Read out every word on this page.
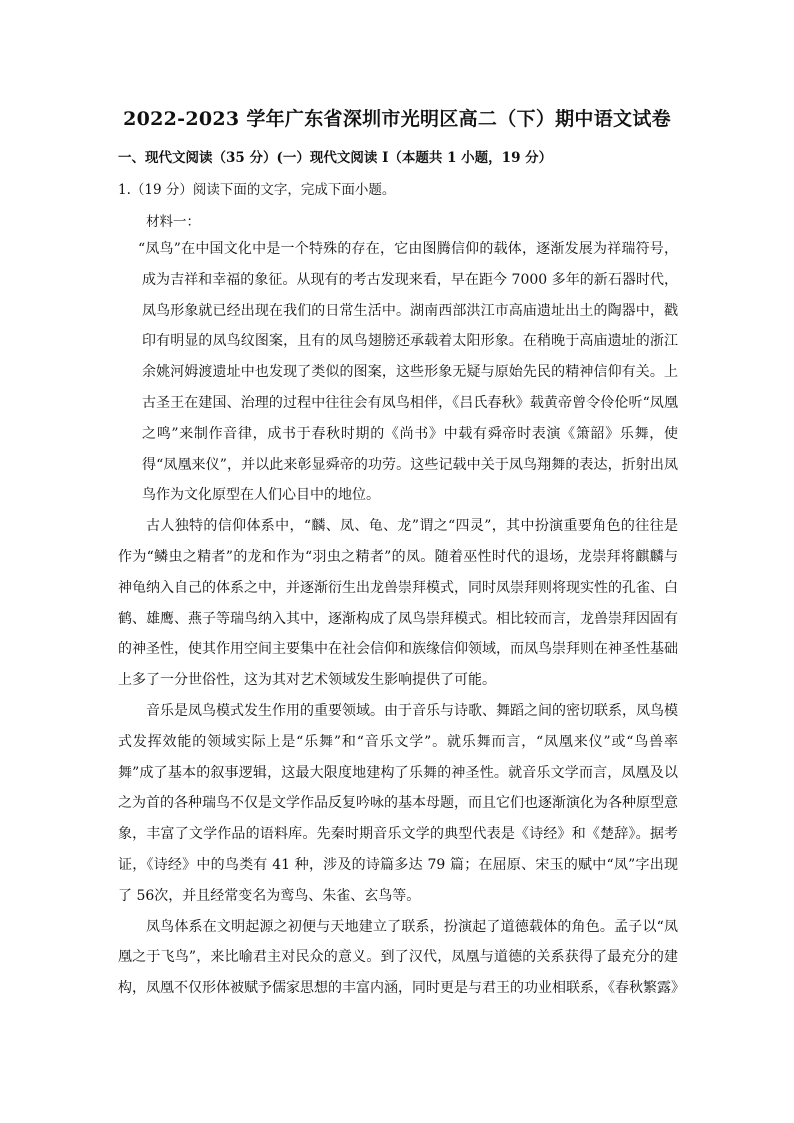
2022-2023 学年广东省深圳市光明区高二（下）期中语文试卷
一、现代文阅读（35 分）(一）现代文阅读 Ⅰ（本题共 1 小题，19 分）
1.（19 分）阅读下面的文字，完成下面小题。
材料一：

“凤鸟”在中国文化中是一个特殊的存在，它由图腾信仰的载体，逐渐发展为祥瑞符号，成为吉祥和幸福的象征。从现有的考古发现来看，早在距今 7000 多年的新石器时代，凤鸟形象就已经出现在我们的日常生活中。湖南西部洪江市高庙遗址出土的陶器中，戳印有明显的凤鸟纹图案，且有的凤鸟翅膀还承载着太阳形象。在稍晚于高庙遗址的浙江余姚河姆渡遗址中也发现了类似的图案，这些形象无疑与原始先民的精神信仰有关。上古圣王在建国、治理的过程中往往会有凤鸟相伴，《吕氏春秋》载黄帝曾令伶伦听“凤凰之鸣”来制作音律，成书于春秋时期的《尚书》中载有舜帝时表演《箫韶》乐舞，使得“凤凰来仪”，并以此来彰显舜帝的功劳。这些记载中关于凤鸟翔舞的表达，折射出凤鸟作为文化原型在人们心目中的地位。

古人独特的信仰体系中，“麟、凤、龟、龙”谓之“四灵”，其中扮演重要角色的往往是作为“鳞虫之精者”的龙和作为“羽虫之精者”的凤。随着巫性时代的退场，龙崇拜将麒麟与神龟纳入自己的体系之中，并逐渐衍生出龙兽崇拜模式，同时凤崇拜则将现实性的孔雀、白鹤、雄鹰、燕子等瑞鸟纳入其中，逐渐构成了凤鸟崇拜模式。相比较而言，龙兽崇拜因固有的神圣性，使其作用空间主要集中在社会信仰和族缘信仰领域，而凤鸟崇拜则在神圣性基础上多了一分世俗性，这为其对艺术领域发生影响提供了可能。

音乐是凤鸟模式发生作用的重要领域。由于音乐与诗歌、舞蹈之间的密切联系，凤鸟模式发挥效能的领域实际上是“乐舞”和“音乐文学”。就乐舞而言，“凤凰来仪”或“鸟兽率舞”成了基本的叙事逻辑，这最大限度地建构了乐舞的神圣性。就音乐文学而言，凤凰及以之为首的各种瑞鸟不仅是文学作品反复吟咏的基本母题，而且它们也逐渐演化为各种原型意象，丰富了文学作品的语料库。先秦时期音乐文学的典型代表是《诗经》和《楚辞》。据考证，《诗经》中的鸟类有 41 种，涉及的诗篇多达 79 篇；在屈原、宋玉的赋中“凤”字出现了 56次，并且经常变名为鸾鸟、朱雀、玄鸟等。

凤鸟体系在文明起源之初便与天地建立了联系，扮演起了道德载体的角色。孟子以“凤凰之于飞鸟”，来比喻君主对民众的意义。到了汉代，凤凰与道德的关系获得了最充分的建构，凤凰不仅形体被赋予儒家思想的丰富内涵，同时更是与君王的功业相联系，《春秋繁露》
